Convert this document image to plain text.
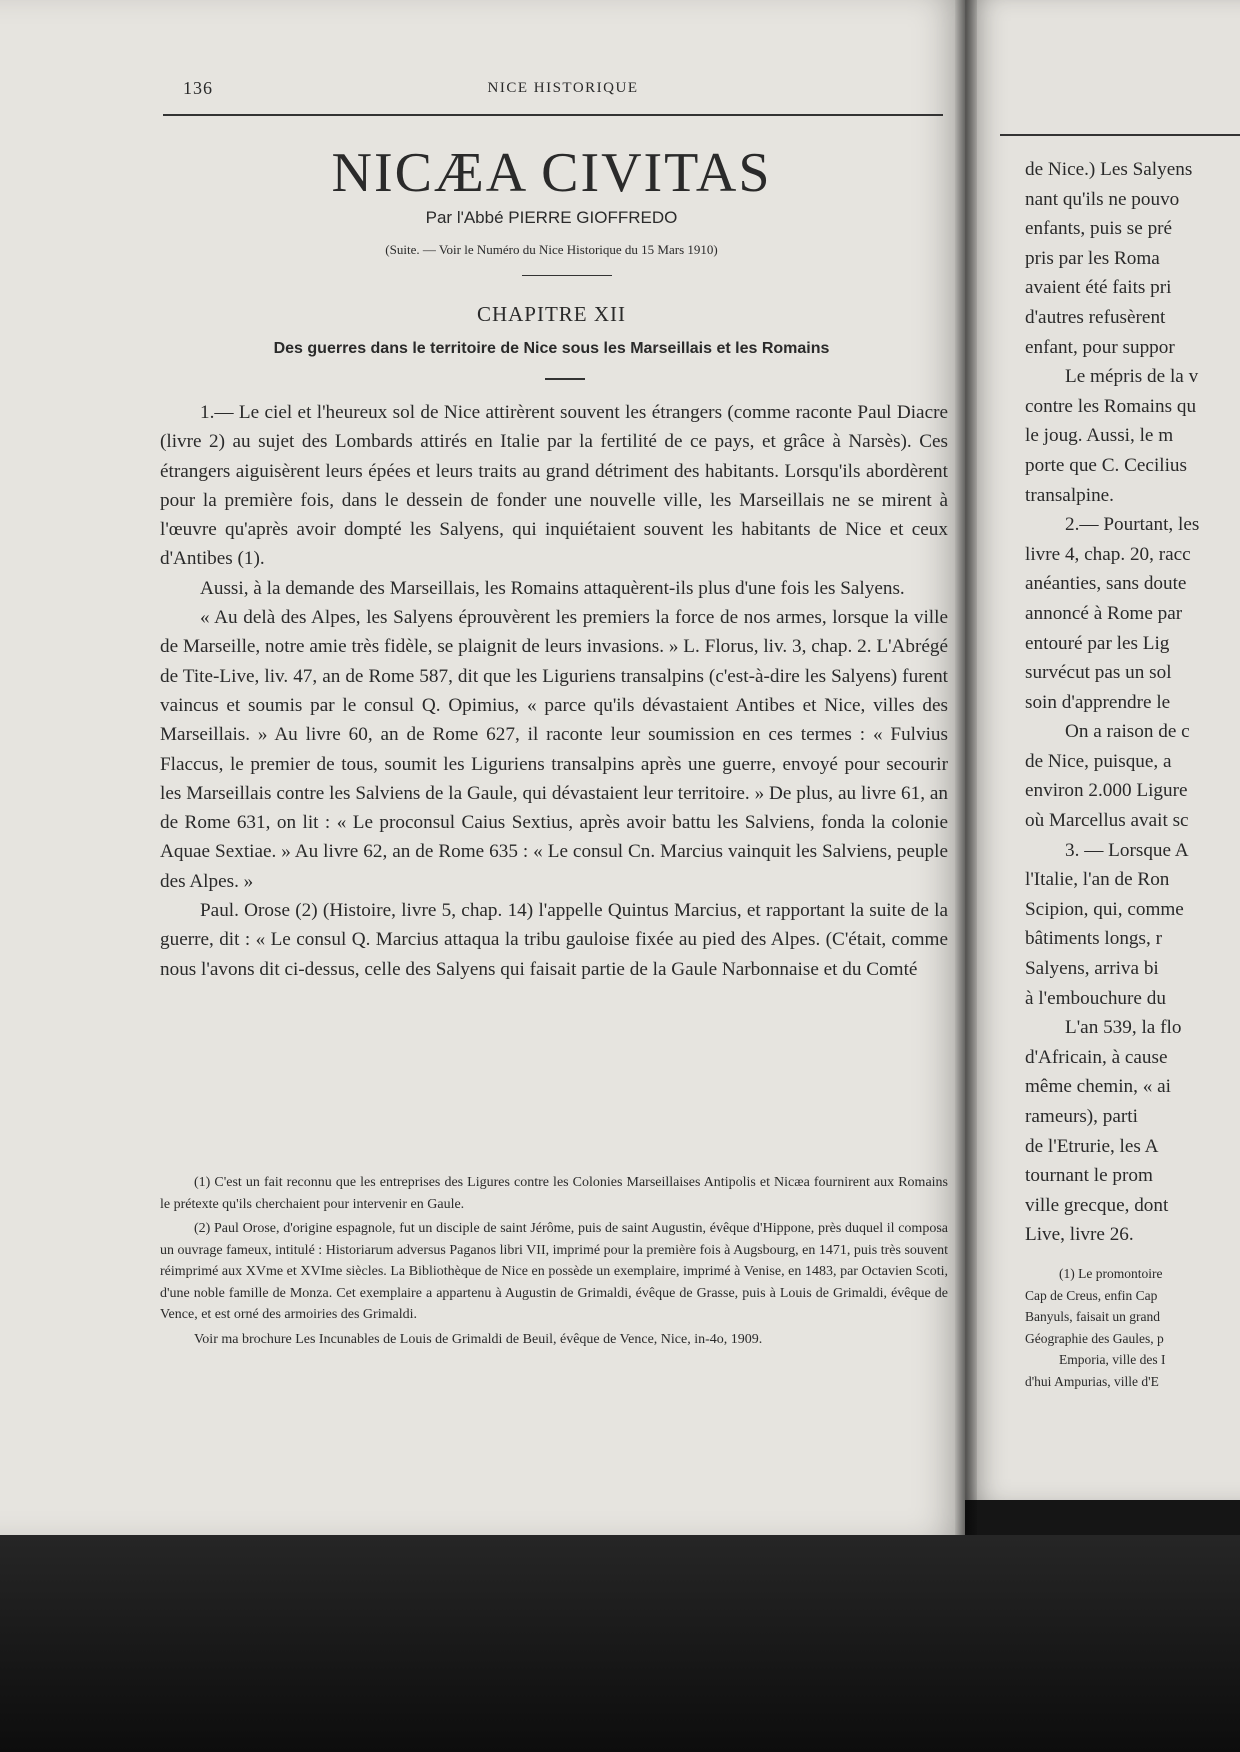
136	NICE HISTORIQUE
NICÆA CIVITAS
Par l'Abbé PIERRE GIOFFREDO
(Suite. — Voir le Numéro du Nice Historique du 15 Mars 1910)
CHAPITRE XII
Des guerres dans le territoire de Nice sous les Marseillais et les Romains

1.— Le ciel et l'heureux sol de Nice attirèrent souvent les étrangers (comme raconte Paul Diacre (livre 2) au sujet des Lombards attirés en Italie par la fertilité de ce pays, et grâce à Narsès). Ces étrangers aiguisèrent leurs épées et leurs traits au grand détriment des habitants. Lorsqu'ils abordèrent pour la première fois, dans le dessein de fonder une nouvelle ville, les Marseillais ne se mirent à l'œuvre qu'après avoir dompté les Salyens, qui inquiétaient souvent les habitants de Nice et ceux d'Antibes (1).

Aussi, à la demande des Marseillais, les Romains attaquèrent-ils plus d'une fois les Salyens.

« Au delà des Alpes, les Salyens éprouvèrent les premiers la force de nos armes, lorsque la ville de Marseille, notre amie très fidèle, se plaignit de leurs invasions. » L. Florus, liv. 3, chap. 2. L'Abrégé de Tite-Live, liv. 47, an de Rome 587, dit que les Liguriens transalpins (c'est-à-dire les Salyens) furent vaincus et soumis par le consul Q. Opimius, « parce qu'ils dévastaient Antibes et Nice, villes des Marseillais. » Au livre 60, an de Rome 627, il raconte leur soumission en ces termes : « Fulvius Flaccus, le premier de tous, soumit les Liguriens transalpins après une guerre, envoyé pour secourir les Marseillais contre les Salviens de la Gaule, qui dévastaient leur territoire. » De plus, au livre 61, an de Rome 631, on lit : « Le proconsul Caius Sextius, après avoir battu les Salviens, fonda la colonie Aquae Sextiae. » Au livre 62, an de Rome 635 : « Le consul Cn. Marcius vainquit les Salviens, peuple des Alpes. »

Paul. Orose (2) (Histoire, livre 5, chap. 14) l'appelle Quintus Marcius, et rapportant la suite de la guerre, dit : « Le consul Q. Marcius attaqua la tribu gauloise fixée au pied des Alpes. (C'était, comme nous l'avons dit ci-dessus, celle des Salyens qui faisait partie de la Gaule Narbonnaise et du Comté

(1) C'est un fait reconnu que les entreprises des Ligures contre les Colonies Marseillaises Antipolis et Nicæa fournirent aux Romains le prétexte qu'ils cherchaient pour intervenir en Gaule.

(2) Paul Orose, d'origine espagnole, fut un disciple de saint Jérôme, puis de saint Augustin, évêque d'Hippone, près duquel il composa un ouvrage fameux, intitulé : Historiarum adversus Paganos libri VII, imprimé pour la première fois à Augsbourg, en 1471, puis très souvent réimprimé aux XVme et XVIme siècles. La Bibliothèque de Nice en possède un exemplaire, imprimé à Venise, en 1483, par Octavien Scoti, d'une noble famille de Monza. Cet exemplaire a appartenu à Augustin de Grimaldi, évêque de Grasse, puis à Louis de Grimaldi, évêque de Vence, et est orné des armoiries des Grimaldi.

Voir ma brochure Les Incunables de Louis de Grimaldi de Beuil, évêque de Vence, Nice, in-4o, 1909.

de Nice.) Les Salyens
nant qu'ils ne pouvo
enfants, puis se pré
pris par les Roma
avaient été faits pri
d'autres refusèrent
enfant, pour suppor
Le mépris de la v
contre les Romains qu
le joug. Aussi, le m
porte que C. Cecilius
transalpine.
2.— Pourtant, les
livre 4, chap. 20, racc
anéanties, sans doute
annoncé à Rome par
entouré par les Lig
survécut pas un sol
soin d'apprendre le
On a raison de c
de Nice, puisque, a
environ 2.000 Ligure
où Marcellus avait sc
3. — Lorsque A
l'Italie, l'an de Ron
Scipion, qui, comme
bâtiments longs, r
Salyens, arriva bi
à l'embouchure du
L'an 539, la flo
d'Africain, à cause
même chemin, « ai
rameurs), parti
de l'Etrurie, les A
tournant le prom
ville grecque, dont
Live, livre 26.
(1) Le promontoire
Cap de Creus, enfin Cap
Banyuls, faisait un grand
Géographie des Gaules, p
Emporia, ville des I
d'hui Ampurias, ville d'E
